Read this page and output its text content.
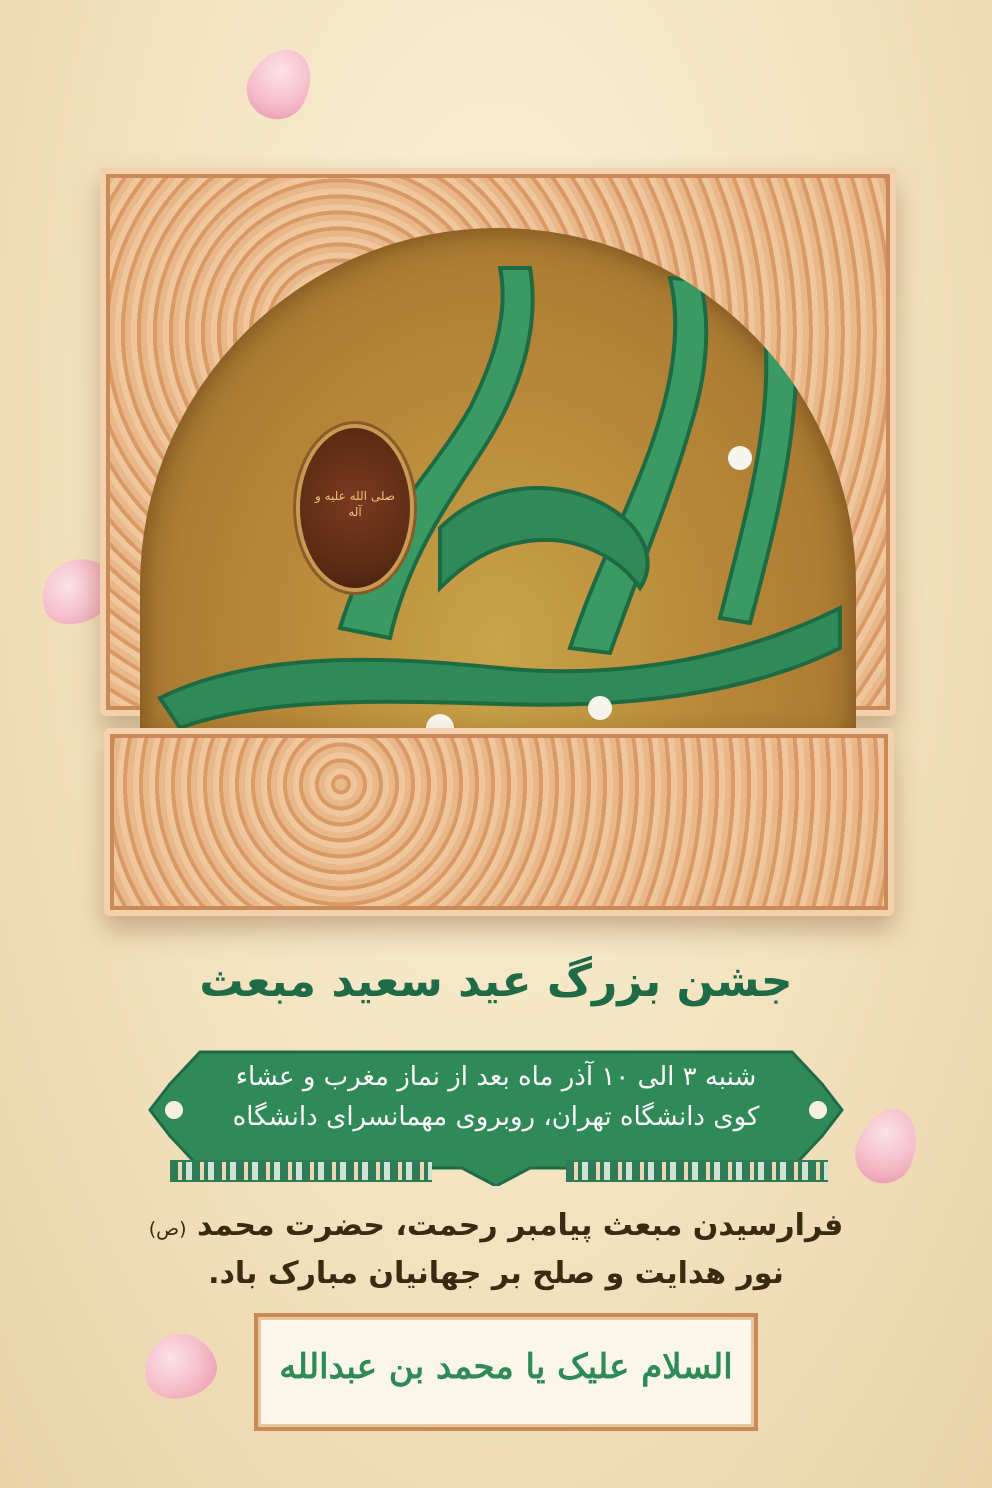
صلی الله علیه و آله
السلام علیک یا محمد بن عبدالله
جشن بزرگ عید سعید مبعث
شنبه ۳ الی ۱۰ آذر ماه بعد از نماز مغرب و عشاء
کوی دانشگاه تهران، روبروی مهمانسرای دانشگاه
فرارسیدن مبعث پیامبر رحمت، حضرت محمد (ص)
نور هدایت و صلح بر جهانیان مبارک باد.
